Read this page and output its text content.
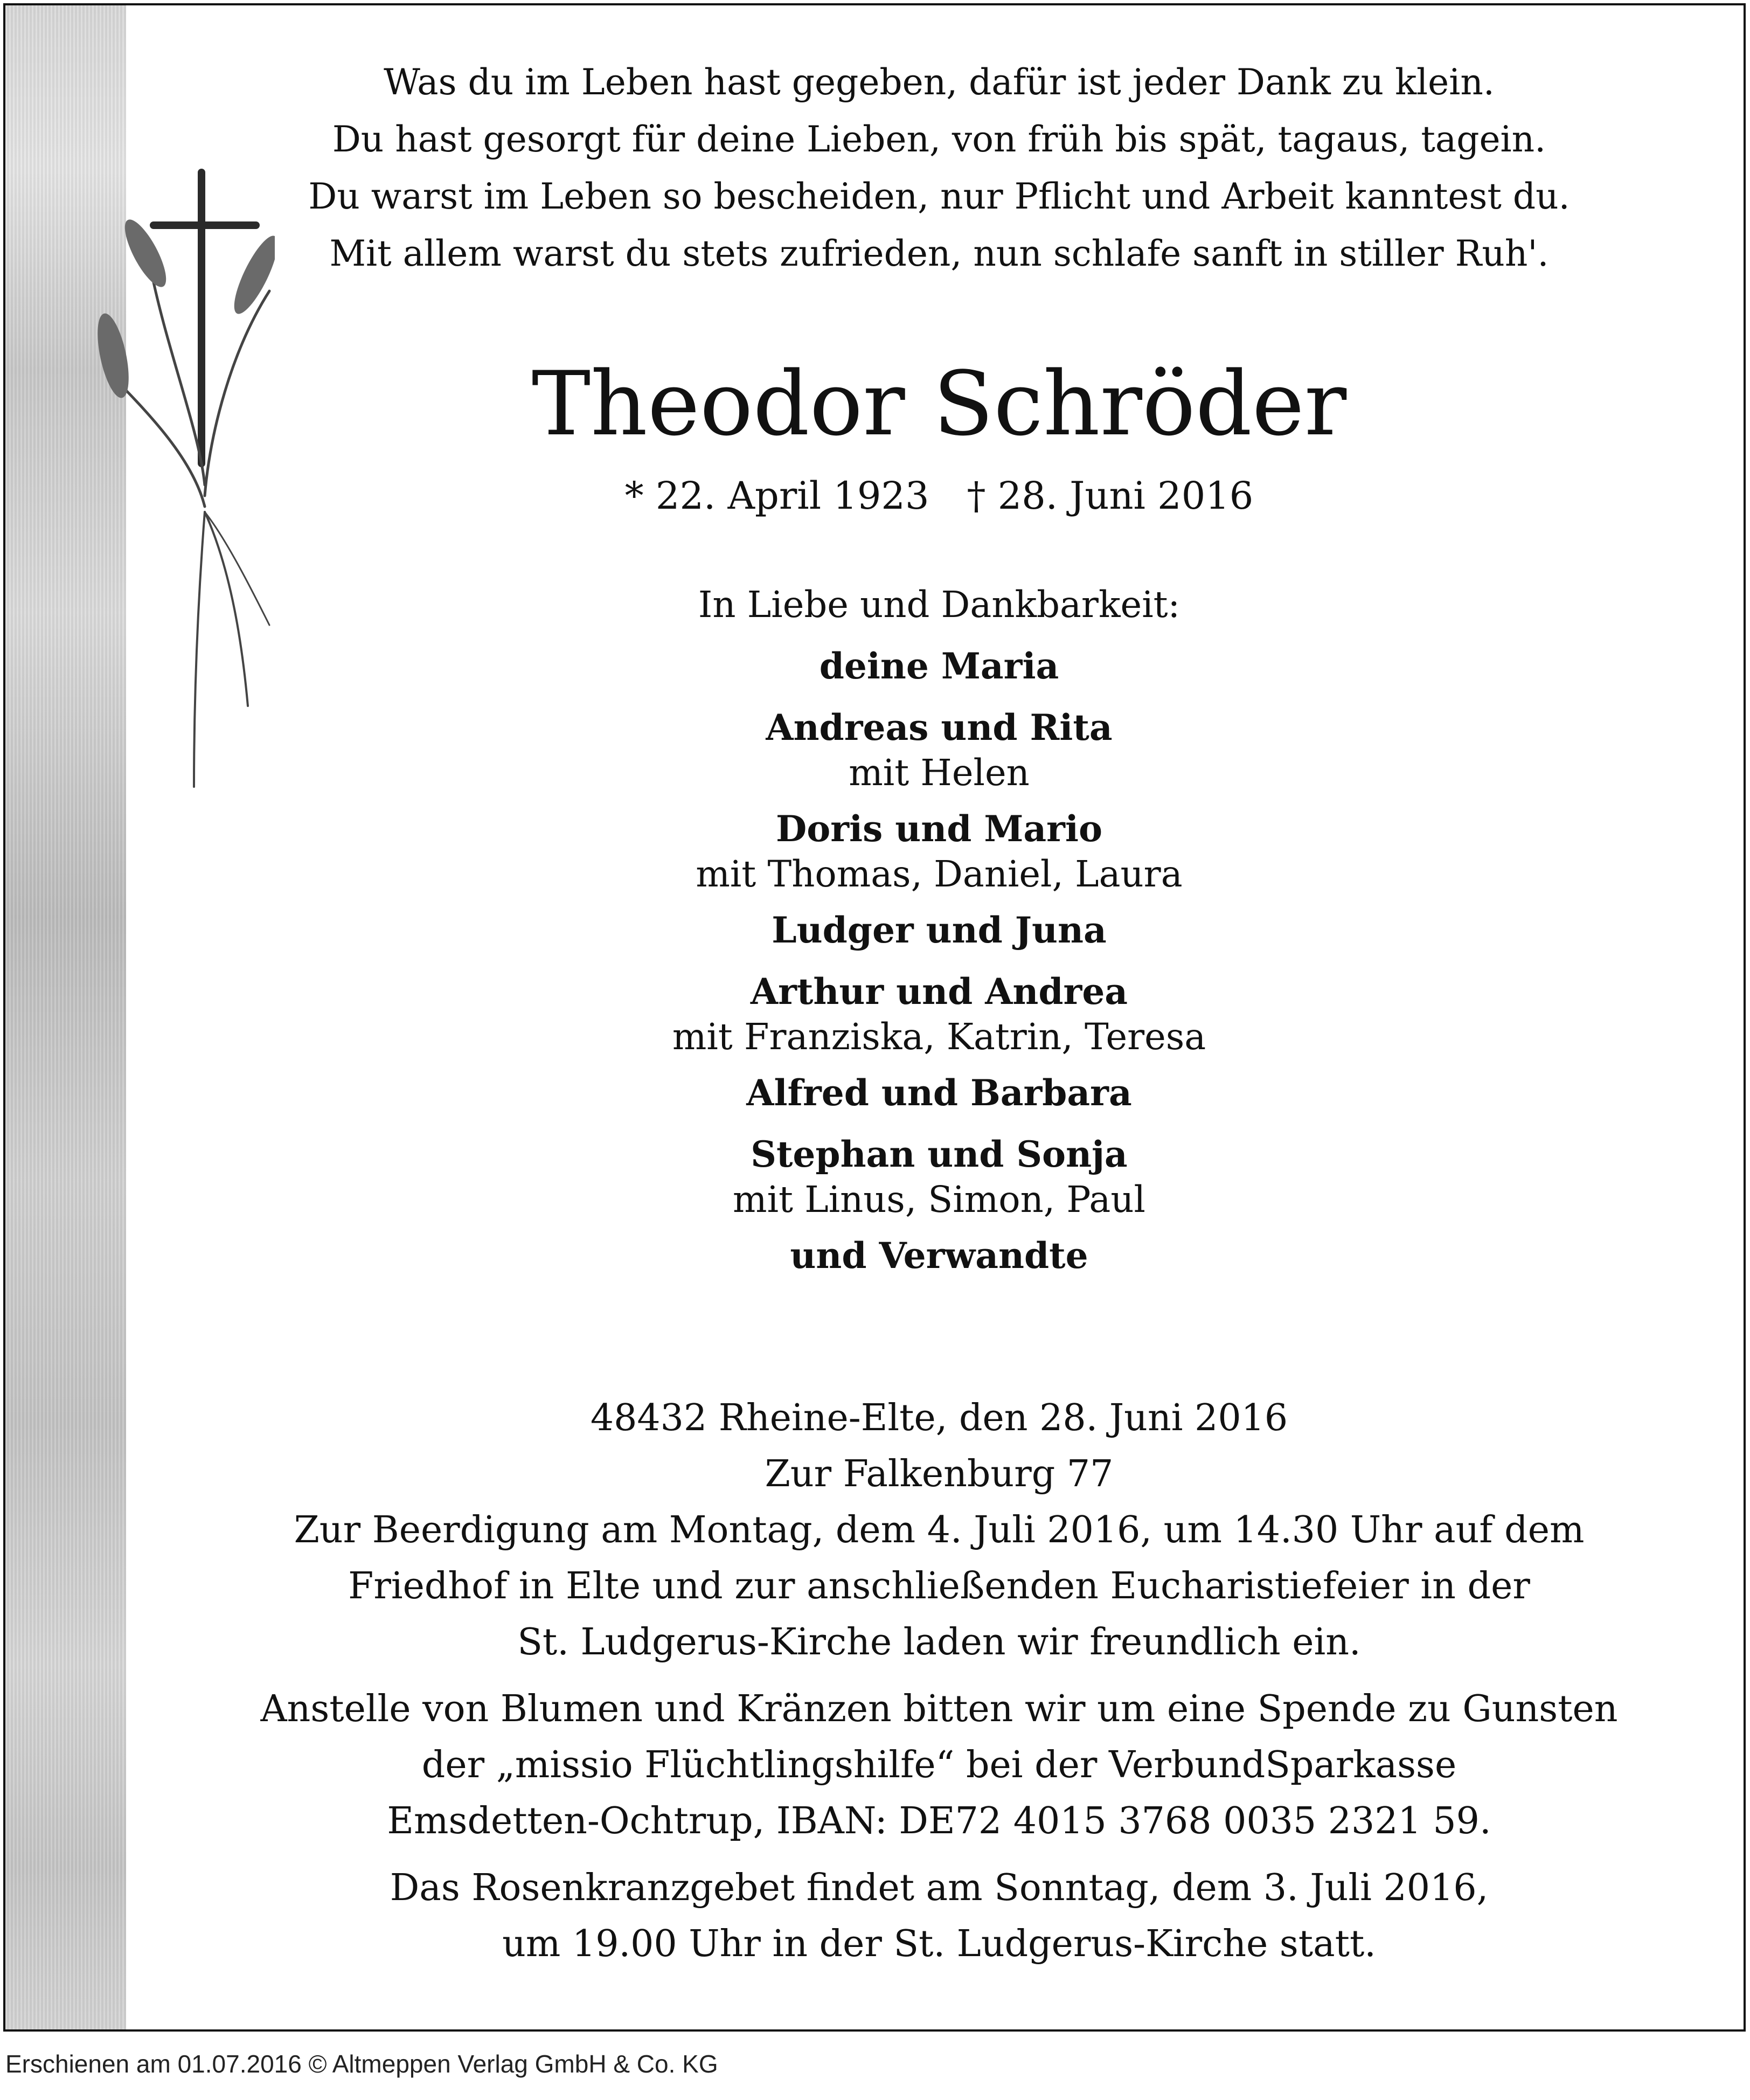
Was du im Leben hast gegeben, dafür ist jeder Dank zu klein.
Du hast gesorgt für deine Lieben, von früh bis spät, tagaus, tagein.
Du warst im Leben so bescheiden, nur Pflicht und Arbeit kanntest du.
Mit allem warst du stets zufrieden, nun schlafe sanft in stiller Ruh'.
Theodor Schröder
* 22. April 1923 † 28. Juni 2016
In Liebe und Dankbarkeit:
deine Maria
Andreas und Rita
mit Helen
Doris und Mario
mit Thomas, Daniel, Laura
Ludger und Juna
Arthur und Andrea
mit Franziska, Katrin, Teresa
Alfred und Barbara
Stephan und Sonja
mit Linus, Simon, Paul
und Verwandte
48432 Rheine-Elte, den 28. Juni 2016
Zur Falkenburg 77
Zur Beerdigung am Montag, dem 4. Juli 2016, um 14.30 Uhr auf dem
Friedhof in Elte und zur anschließenden Eucharistiefeier in der
St. Ludgerus-Kirche laden wir freundlich ein.
Anstelle von Blumen und Kränzen bitten wir um eine Spende zu Gunsten
der „missio Flüchtlingshilfe“ bei der VerbundSparkasse
Emsdetten-Ochtrup, IBAN: DE72 4015 3768 0035 2321 59.
Das Rosenkranzgebet findet am Sonntag, dem 3. Juli 2016,
um 19.00 Uhr in der St. Ludgerus-Kirche statt.
Erschienen am 01.07.2016 © Altmeppen Verlag GmbH & Co. KG
